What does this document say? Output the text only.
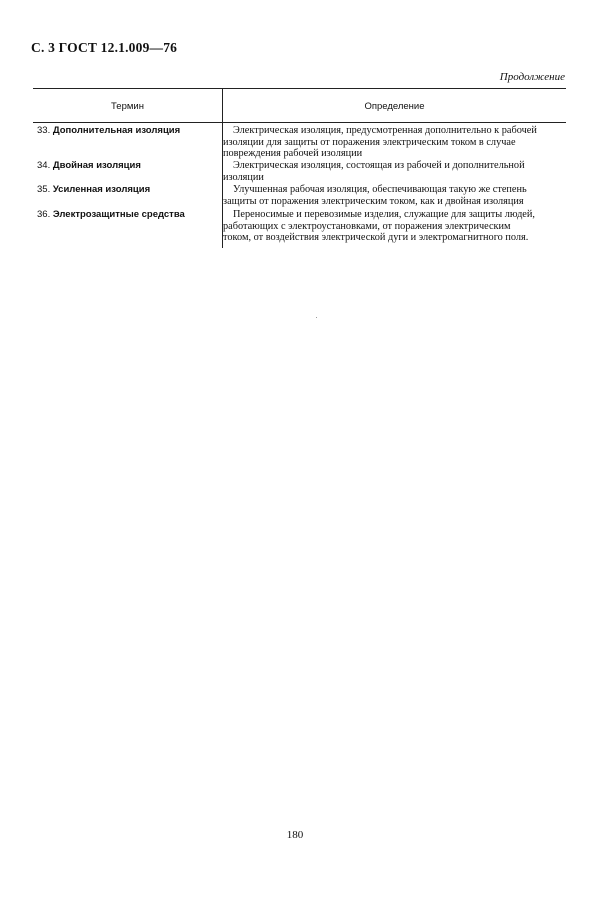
С. 3 ГОСТ 12.1.009—76
Продолжение
Термин	Определение
33. Дополнительная изоляция	Электрическая изоляция, предусмотренная дополнительно к рабочей
изоляции для защиты от поражения электрическим током в случае
повреждения рабочей изоляции
34. Двойная изоляция	Электрическая изоляция, состоящая из рабочей и дополнительной
изоляции
35. Усиленная изоляция	Улучшенная рабочая изоляция, обеспечивающая такую же степень
защиты от поражения электрическим током, как и двойная изоляция
36. Электрозащитные средства	Переносимые и перевозимые изделия, служащие для защиты людей,
работающих с электроустановками, от поражения электрическим
током, от воздействия электрической дуги и электромагнитного поля.
180
